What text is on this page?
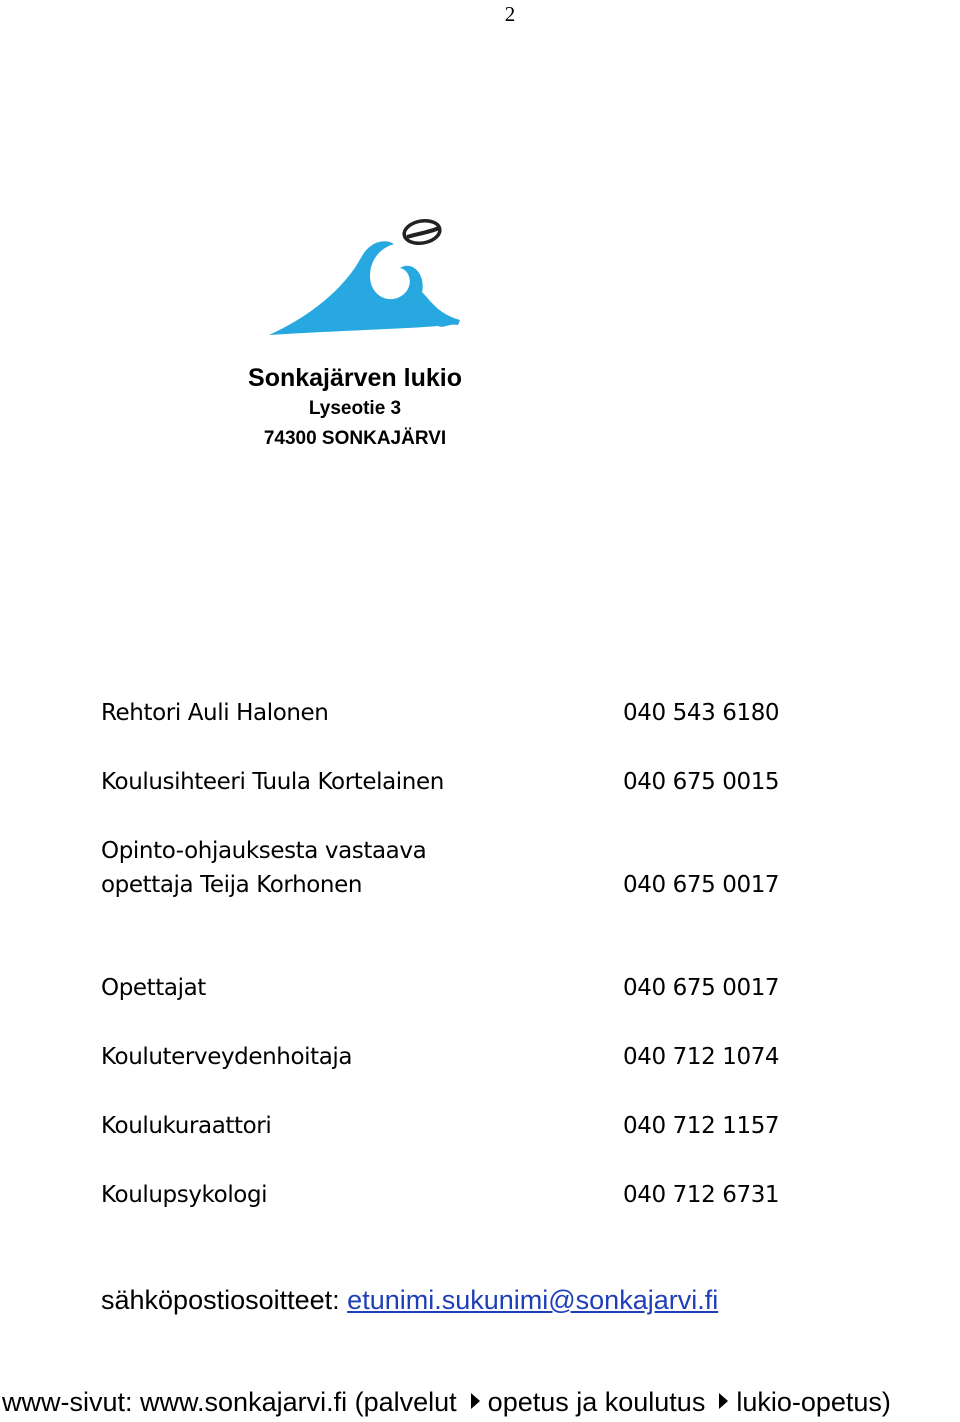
2
Sonkajärven lukio
Lyseotie 3
74300 SONKAJÄRVI
Rehtori Auli Halonen	040 543 6180
Koulusihteeri Tuula Kortelainen	040 675 0015
Opinto-ohjauksesta vastaava
opettaja Teija Korhonen	040 675 0017
Opettajat	040 675 0017
Kouluterveydenhoitaja	040 712 1074
Koulukuraattori	040 712 1157
Koulupsykologi	040 712 6731
sähköpostiosoitteet: etunimi.sukunimi@sonkajarvi.fi
www-sivut: www.sonkajarvi.fi (palvelut opetus ja koulutus lukio-opetus)
